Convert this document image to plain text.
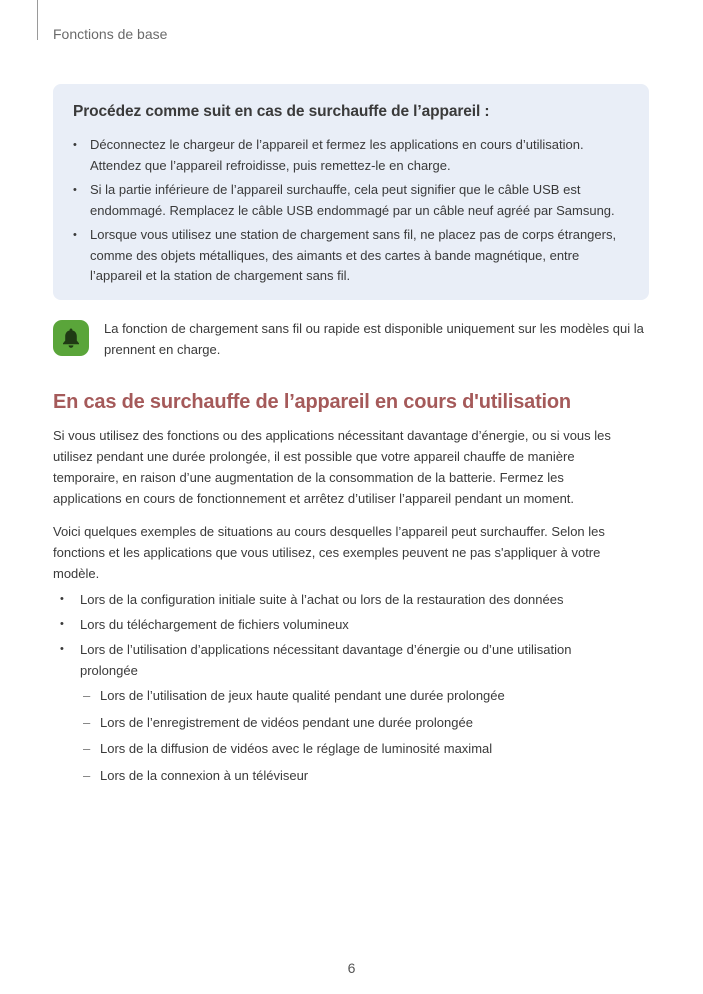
Fonctions de base
Procédez comme suit en cas de surchauffe de l’appareil :
• Déconnectez le chargeur de l’appareil et fermez les applications en cours d’utilisation. Attendez que l’appareil refroidisse, puis remettez-le en charge.
• Si la partie inférieure de l’appareil surchauffe, cela peut signifier que le câble USB est endommagé. Remplacez le câble USB endommagé par un câble neuf agréé par Samsung.
• Lorsque vous utilisez une station de chargement sans fil, ne placez pas de corps étrangers, comme des objets métalliques, des aimants et des cartes à bande magnétique, entre l’appareil et la station de chargement sans fil.
La fonction de chargement sans fil ou rapide est disponible uniquement sur les modèles qui la prennent en charge.
En cas de surchauffe de l’appareil en cours d'utilisation
Si vous utilisez des fonctions ou des applications nécessitant davantage d’énergie, ou si vous les utilisez pendant une durée prolongée, il est possible que votre appareil chauffe de manière temporaire, en raison d’une augmentation de la consommation de la batterie. Fermez les applications en cours de fonctionnement et arrêtez d’utiliser l’appareil pendant un moment.
Voici quelques exemples de situations au cours desquelles l’appareil peut surchauffer. Selon les fonctions et les applications que vous utilisez, ces exemples peuvent ne pas s'appliquer à votre modèle.
• Lors de la configuration initiale suite à l’achat ou lors de la restauration des données
• Lors du téléchargement de fichiers volumineux
• Lors de l’utilisation d’applications nécessitant davantage d’énergie ou d’une utilisation prolongée
– Lors de l’utilisation de jeux haute qualité pendant une durée prolongée
– Lors de l’enregistrement de vidéos pendant une durée prolongée
– Lors de la diffusion de vidéos avec le réglage de luminosité maximal
– Lors de la connexion à un téléviseur
6
